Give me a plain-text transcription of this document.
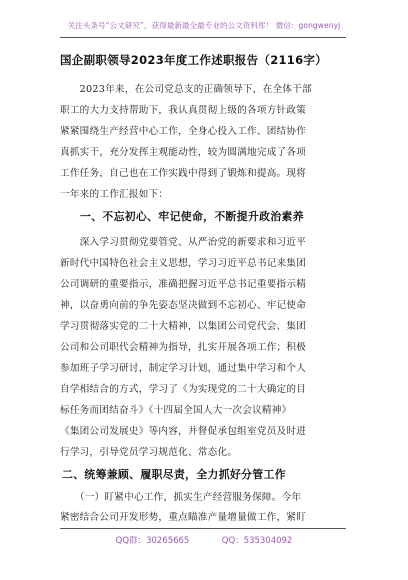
关注头条号“公文研究”，获得最新最全最专业的公文资料库！ 微信：gongwenyj
国企副职领导2023年度工作述职报告（2116字）
　　2023年来，在公司党总支的正确领导下，在全体干部
职工的大力支持帮助下，我认真贯彻上级的各项方针政策
紧紧围绕生产经营中心工作，全身心投入工作、团结协作
真抓实干，充分发挥主观能动性，较为圆满地完成了各项
工作任务，自己也在工作实践中得到了锻炼和提高。现将
一年来的工作汇报如下：
一、不忘初心、牢记使命，不断提升政治素养
　　深入学习贯彻党要管党、从严治党的新要求和习近平
新时代中国特色社会主义思想，学习习近平总书记来集团
公司调研的重要指示，准确把握习近平总书记重要指示精
神，以奋勇向前的争先姿态坚决做到不忘初心、牢记使命
学习贯彻落实党的二十大精神，以集团公司党代会、集团
公司和公司职代会精神为指导，扎实开展各项工作；积极
参加班子学习研讨，制定学习计划，通过集中学习和个人
自学相结合的方式，学习了《为实现党的二十大确定的目
标任务而团结奋斗》《十四届全国人大一次会议精神》
《集团公司发展史》等内容，并督促承包组室党员及时进
行学习，引导党员学习规范化、常态化。
二、统筹兼顾、履职尽责，全力抓好分管工作
　　（一）盯紧中心工作，抓实生产经营服务保障。今年
紧密结合公司开发形势，重点瞄准产量增量做工作，紧盯
QQ群：30265665	QQ：535304092
